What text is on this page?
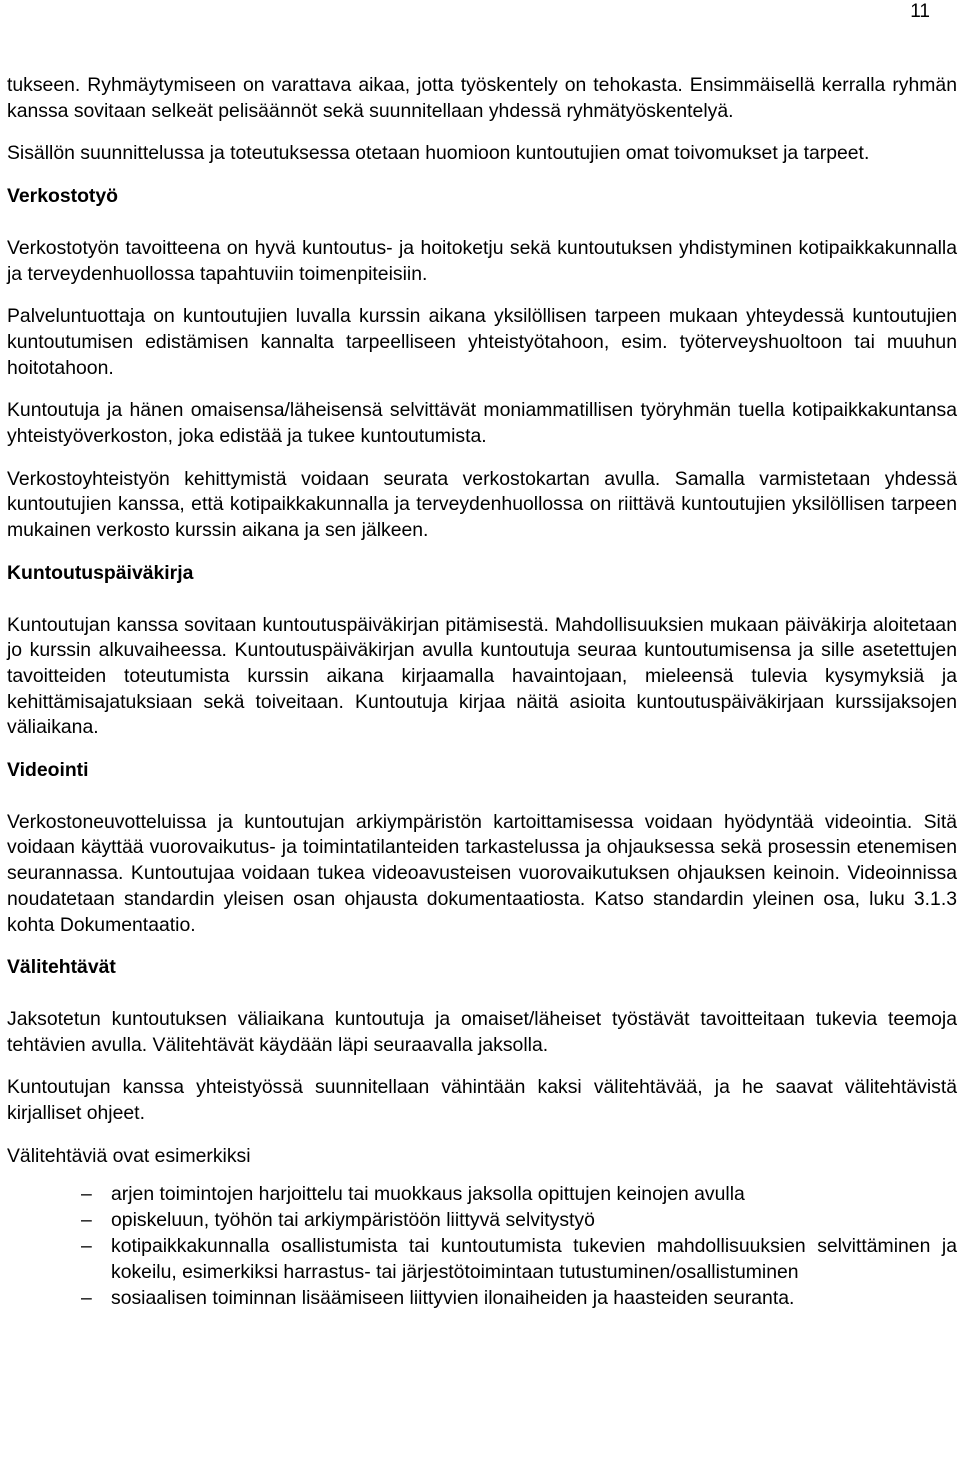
11

tukseen. Ryhmäytymiseen on varattava aikaa, jotta työskentely on tehokasta. Ensimmäisellä kerralla ryhmän kanssa sovitaan selkeät pelisäännöt sekä suunnitellaan yhdessä ryhmätyöskentelyä.

Sisällön suunnittelussa ja toteutuksessa otetaan huomioon kuntoutujien omat toivomukset ja tarpeet.

Verkostotyö

Verkostotyön tavoitteena on hyvä kuntoutus- ja hoitoketju sekä kuntoutuksen yhdistyminen kotipaikkakunnalla ja terveydenhuollossa tapahtuviin toimenpiteisiin.

Palveluntuottaja on kuntoutujien luvalla kurssin aikana yksilöllisen tarpeen mukaan yhteydessä kuntoutujien kuntoutumisen edistämisen kannalta tarpeelliseen yhteistyötahoon, esim. työterveyshuoltoon tai muuhun hoitotahoon.

Kuntoutuja ja hänen omaisensa/läheisensä selvittävät moniammatillisen työryhmän tuella kotipaikkakuntansa yhteistyöverkoston, joka edistää ja tukee kuntoutumista.

Verkostoyhteistyön kehittymistä voidaan seurata verkostokartan avulla. Samalla varmistetaan yhdessä kuntoutujien kanssa, että kotipaikkakunnalla ja terveydenhuollossa on riittävä kuntoutujien yksilöllisen tarpeen mukainen verkosto kurssin aikana ja sen jälkeen.

Kuntoutuspäiväkirja

Kuntoutujan kanssa sovitaan kuntoutuspäiväkirjan pitämisestä. Mahdollisuuksien mukaan päiväkirja aloitetaan jo kurssin alkuvaiheessa. Kuntoutuspäiväkirjan avulla kuntoutuja seuraa kuntoutumisensa ja sille asetettujen tavoitteiden toteutumista kurssin aikana kirjaamalla havaintojaan, mieleensä tulevia kysymyksiä ja kehittämisajatuksiaan sekä toiveitaan. Kuntoutuja kirjaa näitä asioita kuntoutuspäiväkirjaan kurssijaksojen väliaikana.

Videointi

Verkostoneuvotteluissa ja kuntoutujan arkiympäristön kartoittamisessa voidaan hyödyntää videointia. Sitä voidaan käyttää vuorovaikutus- ja toimintatilanteiden tarkastelussa ja ohjauksessa sekä prosessin etenemisen seurannassa. Kuntoutujaa voidaan tukea videoavusteisen vuorovaikutuksen ohjauksen keinoin. Videoinnissa noudatetaan standardin yleisen osan ohjausta dokumentaatiosta. Katso standardin yleinen osa, luku 3.1.3 kohta Dokumentaatio.

Välitehtävät

Jaksotetun kuntoutuksen väliaikana kuntoutuja ja omaiset/läheiset työstävät tavoitteitaan tukevia teemoja tehtävien avulla. Välitehtävät käydään läpi seuraavalla jaksolla.

Kuntoutujan kanssa yhteistyössä suunnitellaan vähintään kaksi välitehtävää, ja he saavat välitehtävistä kirjalliset ohjeet.

Välitehtäviä ovat esimerkiksi

– arjen toimintojen harjoittelu tai muokkaus jaksolla opittujen keinojen avulla
– opiskeluun, työhön tai arkiympäristöön liittyvä selvitystyö
– kotipaikkakunnalla osallistumista tai kuntoutumista tukevien mahdollisuuksien selvittäminen ja kokeilu, esimerkiksi harrastus- tai järjestötoimintaan tutustuminen/osallistuminen
– sosiaalisen toiminnan lisäämiseen liittyvien ilonaiheiden ja haasteiden seuranta.
